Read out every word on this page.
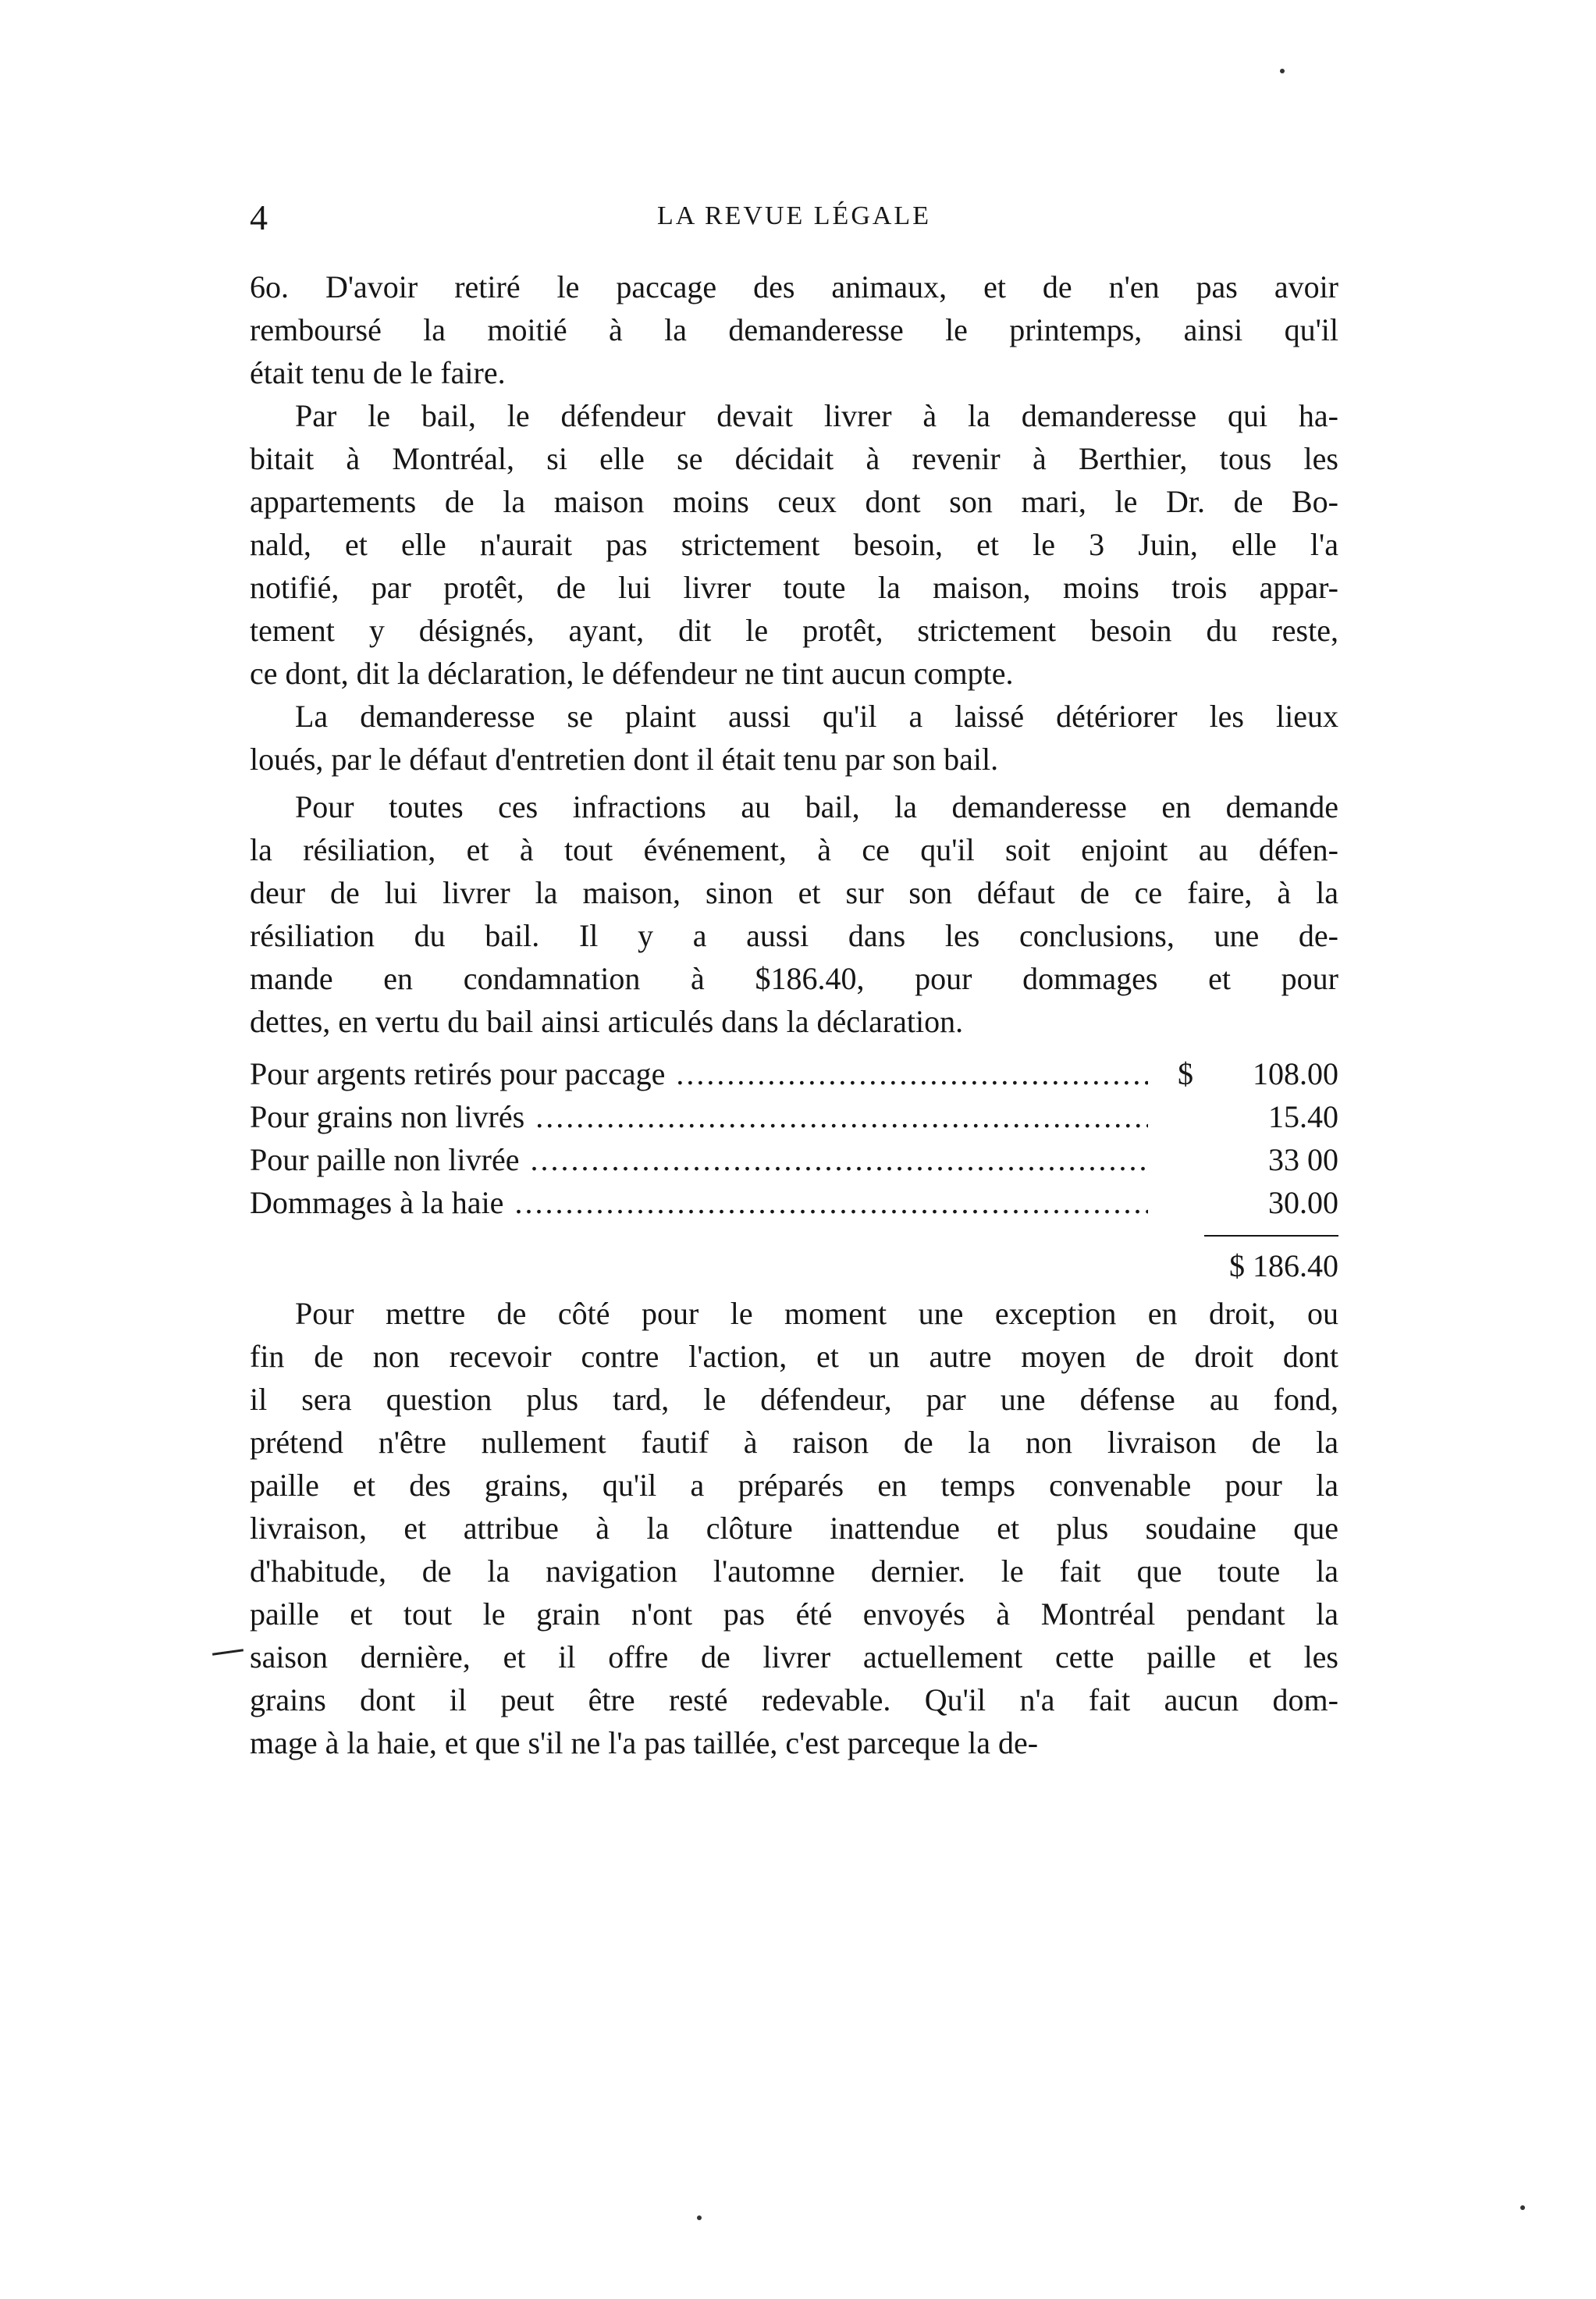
4	LA REVUE LÉGALE
6o. D'avoir retiré le paccage des animaux, et de n'en pas avoir
remboursé la moitié à la demanderesse le printemps, ainsi qu'il
était tenu de le faire.
Par le bail, le défendeur devait livrer à la demanderesse qui ha-
bitait à Montréal, si elle se décidait à revenir à Berthier, tous les
appartements de la maison moins ceux dont son mari, le Dr. de Bo-
nald, et elle n'aurait pas strictement besoin, et le 3 Juin, elle l'a
notifié, par protêt, de lui livrer toute la maison, moins trois appar-
tement y désignés, ayant, dit le protêt, strictement besoin du reste,
ce dont, dit la déclaration, le défendeur ne tint aucun compte.
La demanderesse se plaint aussi qu'il a laissé détériorer les lieux
loués, par le défaut d'entretien dont il était tenu par son bail.
Pour toutes ces infractions au bail, la demanderesse en demande
la résiliation, et à tout événement, à ce qu'il soit enjoint au défen-
deur de lui livrer la maison, sinon et sur son défaut de ce faire, à la
résiliation du bail. Il y a aussi dans les conclusions, une de-
mande en condamnation à $186.40, pour dommages et pour
dettes, en vertu du bail ainsi articulés dans la déclaration.
Pour argents retirés pour paccage .....	$	108.00
Pour grains non livrés .....	15.40
Pour paille non livrée .....	33 00
Dommages à la haie .....	30.00
$ 186.40
Pour mettre de côté pour le moment une exception en droit, ou
fin de non recevoir contre l'action, et un autre moyen de droit dont
il sera question plus tard, le défendeur, par une défense au fond,
prétend n'être nullement fautif à raison de la non livraison de la
paille et des grains, qu'il a préparés en temps convenable pour la
livraison, et attribue à la clôture inattendue et plus soudaine que
d'habitude, de la navigation l'automne dernier. le fait que toute la
paille et tout le grain n'ont pas été envoyés à Montréal pendant la
saison dernière, et il offre de livrer actuellement cette paille et les
grains dont il peut être resté redevable. Qu'il n'a fait aucun dom-
mage à la haie, et que s'il ne l'a pas taillée, c'est parceque la de-
